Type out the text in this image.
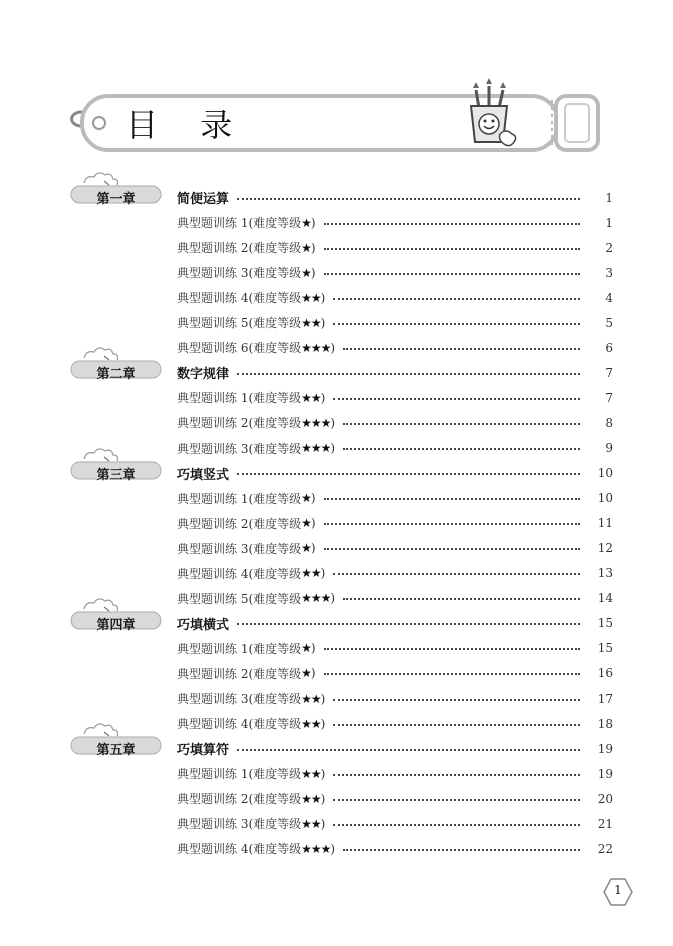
目 录
第一章	简便运算	1
典型题训练 1(难度等级 ★ )	1
典型题训练 2(难度等级 ★ )	2
典型题训练 3(难度等级 ★ )	3
典型题训练 4(难度等级 ★★ )	4
典型题训练 5(难度等级 ★★ )	5
典型题训练 6(难度等级 ★★★ )	6
第二章	数字规律	7
典型题训练 1(难度等级 ★★ )	7
典型题训练 2(难度等级 ★★★ )	8
典型题训练 3(难度等级 ★★★ )	9
第三章	巧填竖式	10
典型题训练 1(难度等级 ★ )	10
典型题训练 2(难度等级 ★ )	11
典型题训练 3(难度等级 ★ )	12
典型题训练 4(难度等级 ★★ )	13
典型题训练 5(难度等级 ★★★ )	14
第四章	巧填横式	15
典型题训练 1(难度等级 ★ )	15
典型题训练 2(难度等级 ★ )	16
典型题训练 3(难度等级 ★★ )	17
典型题训练 4(难度等级 ★★ )	18
第五章	巧填算符	19
典型题训练 1(难度等级 ★★ )	19
典型题训练 2(难度等级 ★★ )	20
典型题训练 3(难度等级 ★★ )	21
典型题训练 4(难度等级 ★★★ )	22
1
